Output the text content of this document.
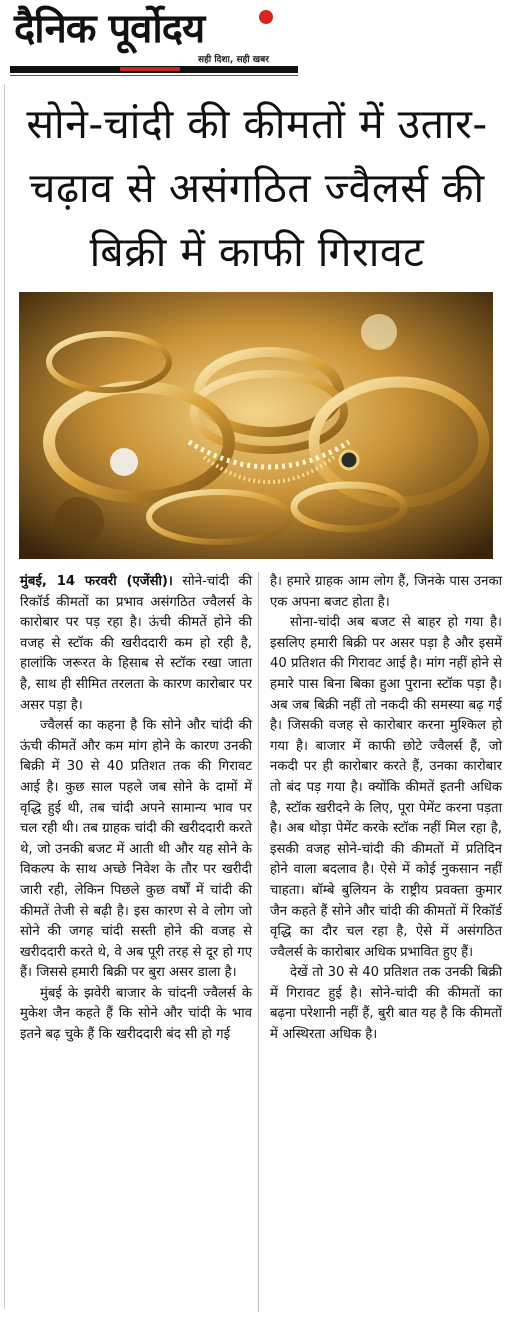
दैनिक पूर्वोदय
सही दिशा, सही खबर
सोने-चांदी की कीमतों में उतार-चढ़ाव से असंगठित ज्वैलर्स की बिक्री में काफी गिरावट

मुंबई, 14 फरवरी (एजेंसी)। सोने-चांदी की रिकॉर्ड कीमतों का प्रभाव असंगठित ज्वैलर्स के कारोबार पर पड़ रहा है। ऊंची कीमतें होने की वजह से स्टॉक की खरीददारी कम हो रही है, हालांकि जरूरत के हिसाब से स्टॉक रखा जाता है, साथ ही सीमित तरलता के कारण कारोबार पर असर पड़ा है।

ज्वैलर्स का कहना है कि सोने और चांदी की ऊंची कीमतें और कम मांग होने के कारण उनकी बिक्री में 30 से 40 प्रतिशत तक की गिरावट आई है। कुछ साल पहले जब सोने के दामों में वृद्धि हुई थी, तब चांदी अपने सामान्य भाव पर चल रही थी। तब ग्राहक चांदी की खरीददारी करते थे, जो उनकी बजट में आती थी और यह सोने के विकल्प के साथ अच्छे निवेश के तौर पर खरीदी जारी रही, लेकिन पिछले कुछ वर्षों में चांदी की कीमतें तेजी से बढ़ी है। इस कारण से वे लोग जो सोने की जगह चांदी सस्ती होने की वजह से खरीददारी करते थे, वे अब पूरी तरह से दूर हो गए हैं। जिससे हमारी बिक्री पर बुरा असर डाला है।

मुंबई के झवेरी बाजार के चांदनी ज्वैलर्स के मुकेश जैन कहते हैं कि सोने और चांदी के भाव इतने बढ़ चुके हैं कि खरीददारी बंद सी हो गई

है। हमारे ग्राहक आम लोग हैं, जिनके पास उनका एक अपना बजट होता है।

सोना-चांदी अब बजट से बाहर हो गया है। इसलिए हमारी बिक्री पर असर पड़ा है और इसमें 40 प्रतिशत की गिरावट आई है। मांग नहीं होने से हमारे पास बिना बिका हुआ पुराना स्टॉक पड़ा है। अब जब बिक्री नहीं तो नकदी की समस्या बढ़ गई है। जिसकी वजह से कारोबार करना मुश्किल हो गया है। बाजार में काफी छोटे ज्वैलर्स हैं, जो नकदी पर ही कारोबार करते हैं, उनका कारोबार तो बंद पड़ गया है। क्योंकि कीमतें इतनी अधिक है, स्टॉक खरीदने के लिए, पूरा पेमेंट करना पड़ता है। अब थोड़ा पेमेंट करके स्टॉक नहीं मिल रहा है, इसकी वजह सोने-चांदी की कीमतों में प्रतिदिन होने वाला बदलाव है। ऐसे में कोई नुकसान नहीं चाहता। बॉम्बे बुलियन के राष्ट्रीय प्रवक्ता कुमार जैन कहते हैं सोने और चांदी की कीमतों में रिकॉर्ड वृद्धि का दौर चल रहा है, ऐसे में असंगठित ज्वैलर्स के कारोबार अधिक प्रभावित हुए हैं।

देखें तो 30 से 40 प्रतिशत तक उनकी बिक्री में गिरावट हुई है। सोने-चांदी की कीमतों का बढ़ना परेशानी नहीं हैं, बुरी बात यह है कि कीमतों में अस्थिरता अधिक है।
